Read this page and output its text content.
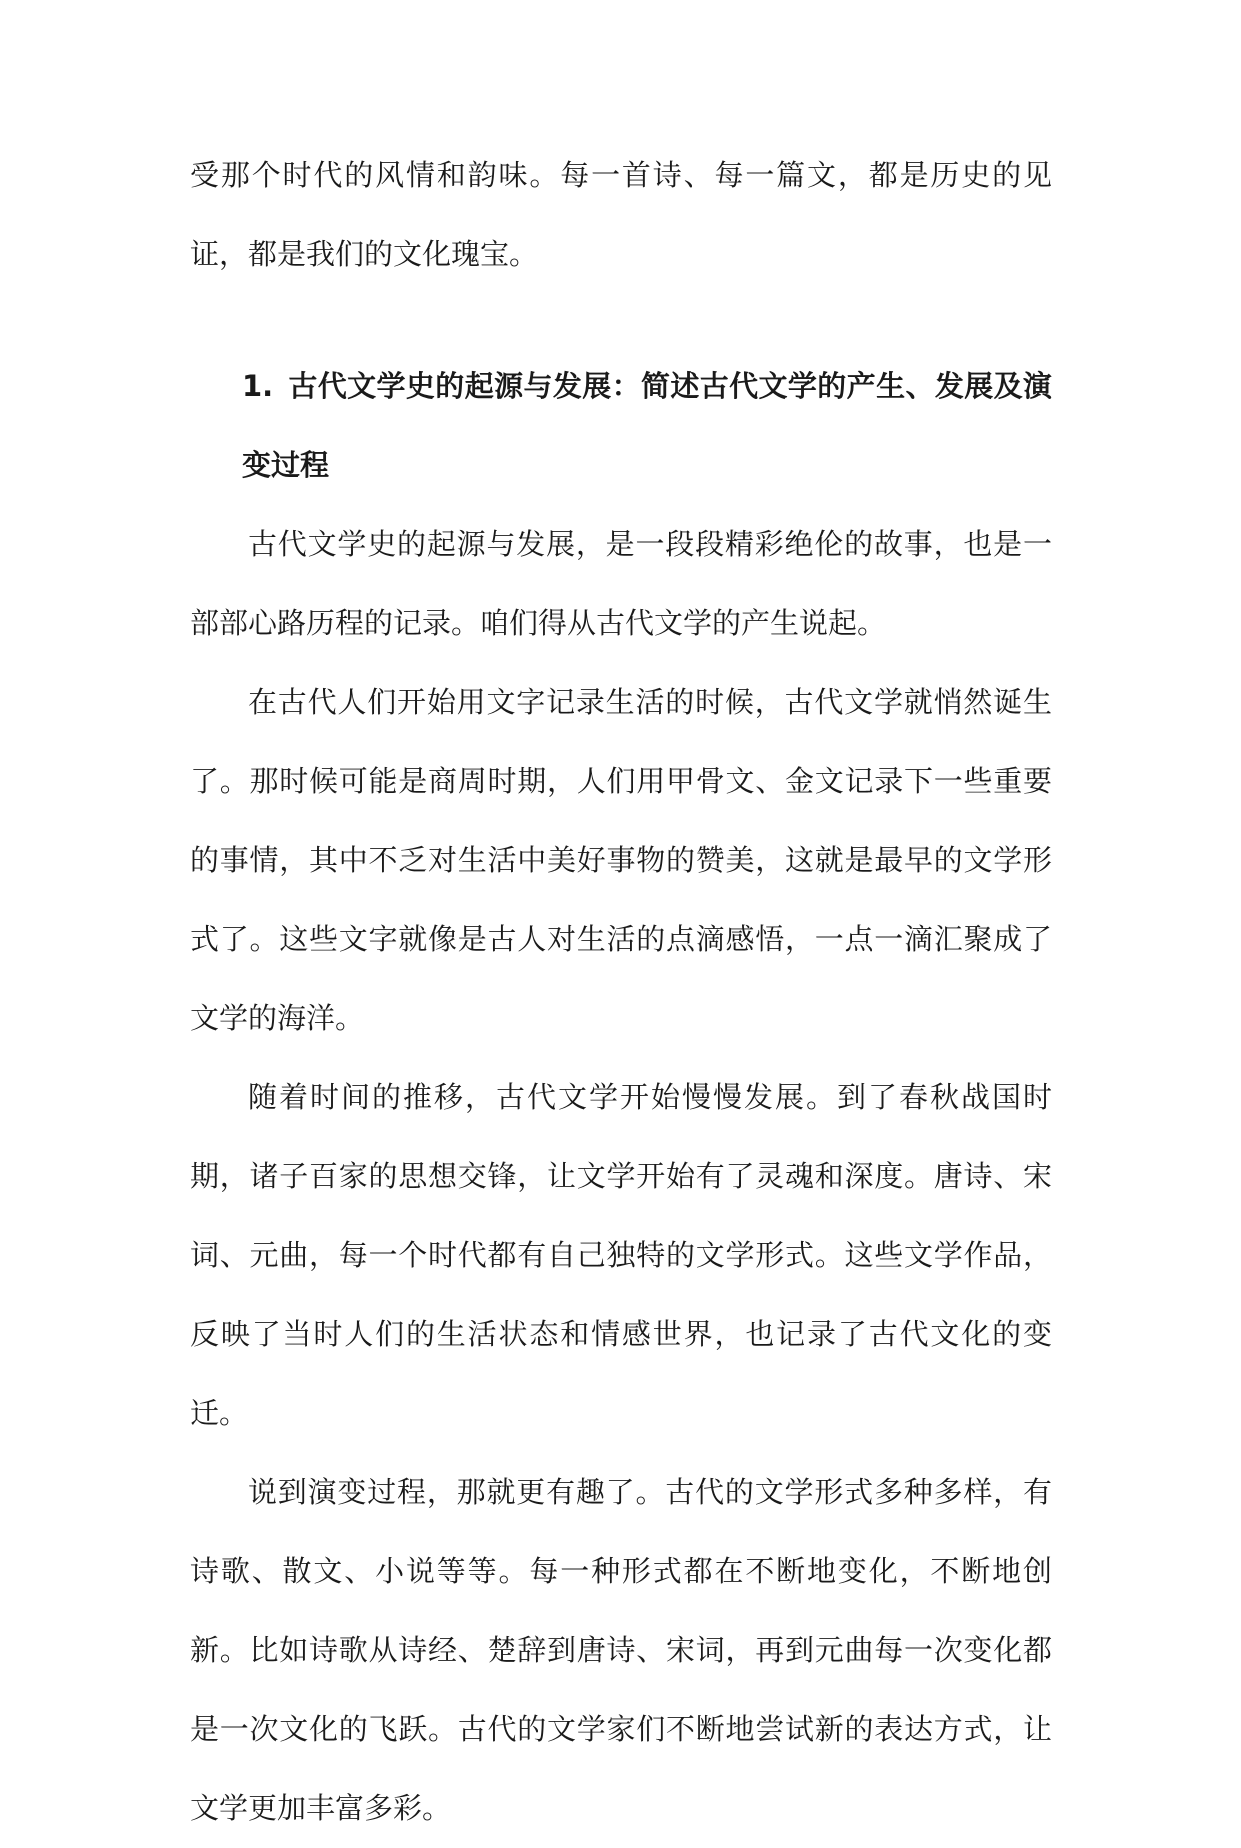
受那个时代的风情和韵味。每一首诗、每一篇文，都是历史的见证，都是我们的文化瑰宝。

1. 古代文学史的起源与发展：简述古代文学的产生、发展及演变过程

古代文学史的起源与发展，是一段段精彩绝伦的故事，也是一部部心路历程的记录。咱们得从古代文学的产生说起。

在古代人们开始用文字记录生活的时候，古代文学就悄然诞生了。那时候可能是商周时期，人们用甲骨文、金文记录下一些重要的事情，其中不乏对生活中美好事物的赞美，这就是最早的文学形式了。这些文字就像是古人对生活的点滴感悟，一点一滴汇聚成了文学的海洋。

随着时间的推移，古代文学开始慢慢发展。到了春秋战国时期，诸子百家的思想交锋，让文学开始有了灵魂和深度。唐诗、宋词、元曲，每一个时代都有自己独特的文学形式。这些文学作品，反映了当时人们的生活状态和情感世界，也记录了古代文化的变迁。

说到演变过程，那就更有趣了。古代的文学形式多种多样，有诗歌、散文、小说等等。每一种形式都在不断地变化，不断地创新。比如诗歌从诗经、楚辞到唐诗、宋词，再到元曲每一次变化都是一次文化的飞跃。古代的文学家们不断地尝试新的表达方式，让文学更加丰富多彩。
